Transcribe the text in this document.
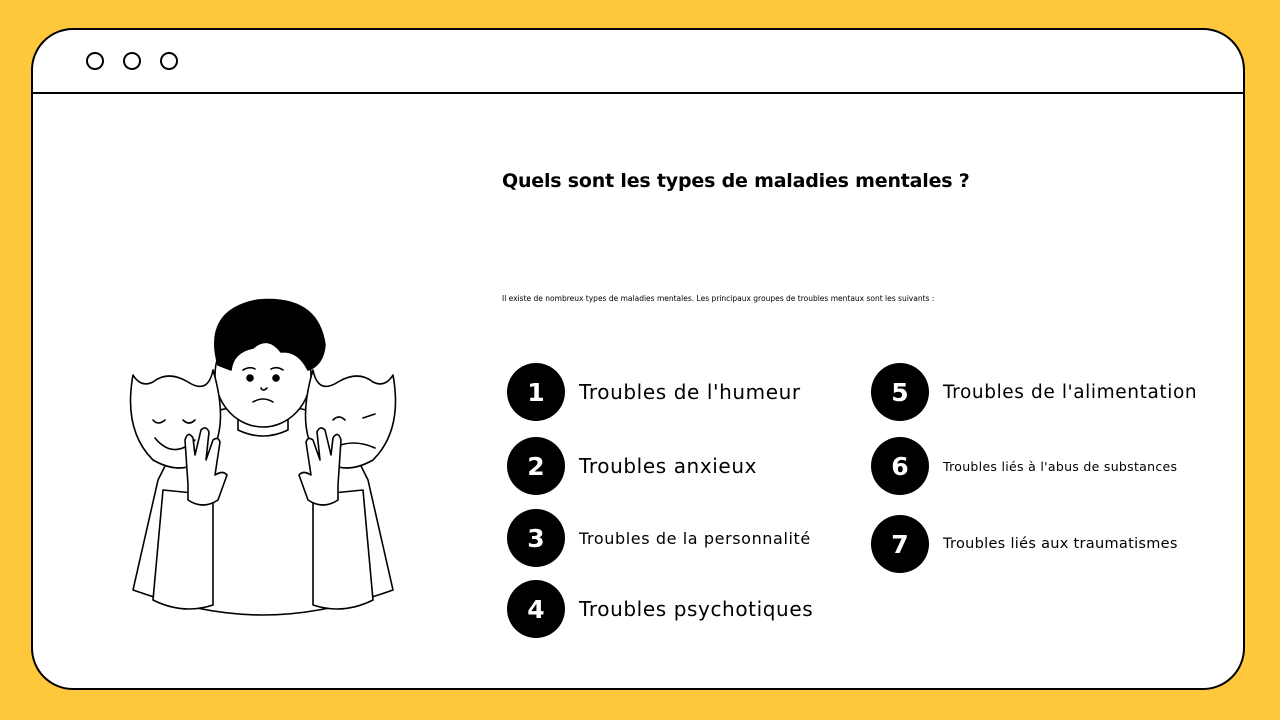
Quels sont les types de maladies mentales ?
Il existe de nombreux types de maladies mentales. Les principaux groupes de troubles mentaux sont les suivants :
1	Troubles de l'humeur
2	Troubles anxieux
3	Troubles de la personnalité
4	Troubles psychotiques
5	Troubles de l'alimentation
6	Troubles liés à l'abus de substances
7	Troubles liés aux traumatismes
